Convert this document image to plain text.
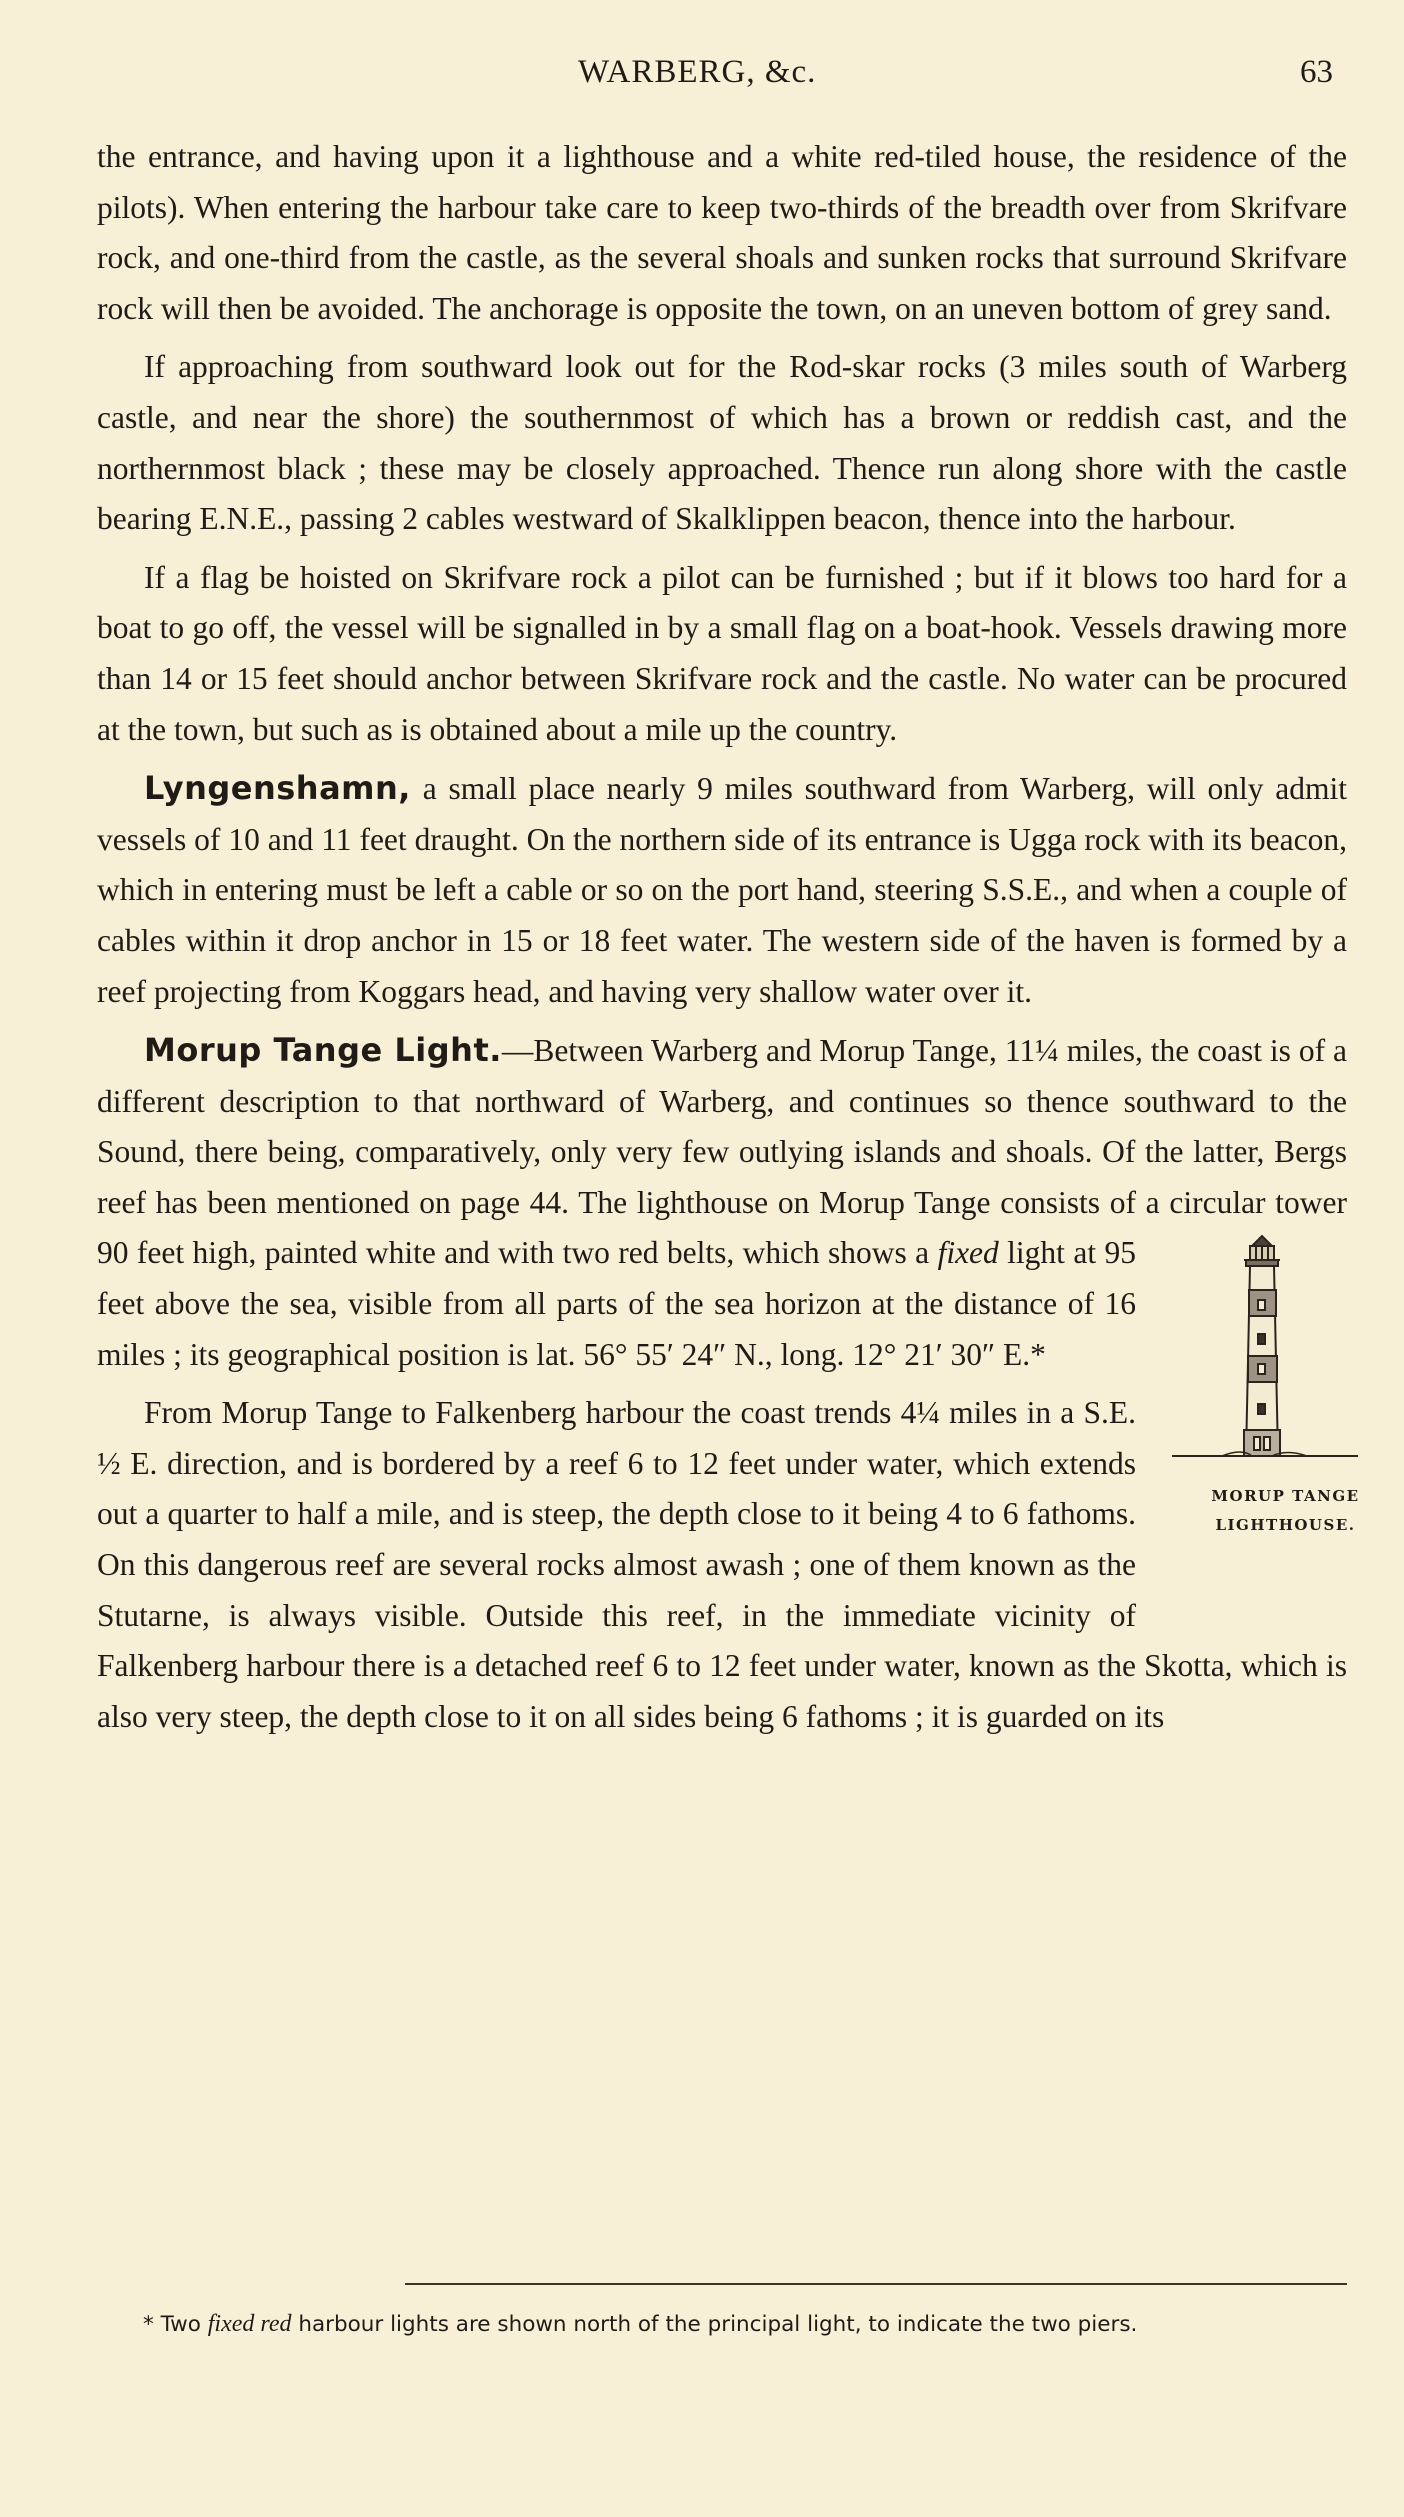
WARBERG, &c.	63

the entrance, and having upon it a lighthouse and a white red-tiled house, the residence of the pilots). When entering the harbour take care to keep two-thirds of the breadth over from Skrifvare rock, and one-third from the castle, as the several shoals and sunken rocks that surround Skrifvare rock will then be avoided. The anchorage is opposite the town, on an uneven bottom of grey sand.

If approaching from southward look out for the Rod-skar rocks (3 miles south of Warberg castle, and near the shore) the southernmost of which has a brown or reddish cast, and the northernmost black ; these may be closely approached. Thence run along shore with the castle bearing E.N.E., passing 2 cables westward of Skalklippen beacon, thence into the harbour.

If a flag be hoisted on Skrifvare rock a pilot can be furnished ; but if it blows too hard for a boat to go off, the vessel will be signalled in by a small flag on a boat-hook. Vessels drawing more than 14 or 15 feet should anchor between Skrifvare rock and the castle. No water can be procured at the town, but such as is obtained about a mile up the country.

Lyngenshamn, a small place nearly 9 miles southward from Warberg, will only admit vessels of 10 and 11 feet draught. On the northern side of its entrance is Ugga rock with its beacon, which in entering must be left a cable or so on the port hand, steering S.S.E., and when a couple of cables within it drop anchor in 15 or 18 feet water. The western side of the haven is formed by a reef projecting from Koggars head, and having very shallow water over it.

Morup Tange Light.—Between Warberg and Morup Tange, 11¼ miles, the coast is of a different description to that northward of Warberg, and continues so thence southward to the Sound, there being, comparatively, only very few outlying islands and shoals. Of the latter, Bergs reef has been mentioned on page 44. The lighthouse on Morup Tange consists of a circular tower 90 feet high, painted white and with two red belts, which shows a
MORUP TANGE
LIGHTHOUSE.
fixed light at 95 feet above the sea, visible from all parts of the sea horizon at the distance of 16 miles ; its geographical position is lat. 56° 55′ 24″ N., long. 12° 21′ 30″ E.*

From Morup Tange to Falkenberg harbour the coast trends 4¼ miles in a S.E. ½ E. direction, and is bordered by a reef 6 to 12 feet under water, which extends out a quarter to half a mile, and is steep, the depth close to it being 4 to 6 fathoms. On this dangerous reef are several rocks almost awash ; one of them known as the Stutarne, is always visible. Outside this reef, in the immediate vicinity of Falkenberg harbour there is a detached reef 6 to 12 feet under water, known as the Skotta, which is also very steep, the depth close to it on all sides being 6 fathoms ; it is guarded on its

* Two fixed red harbour lights are shown north of the principal light, to indicate the two piers.
